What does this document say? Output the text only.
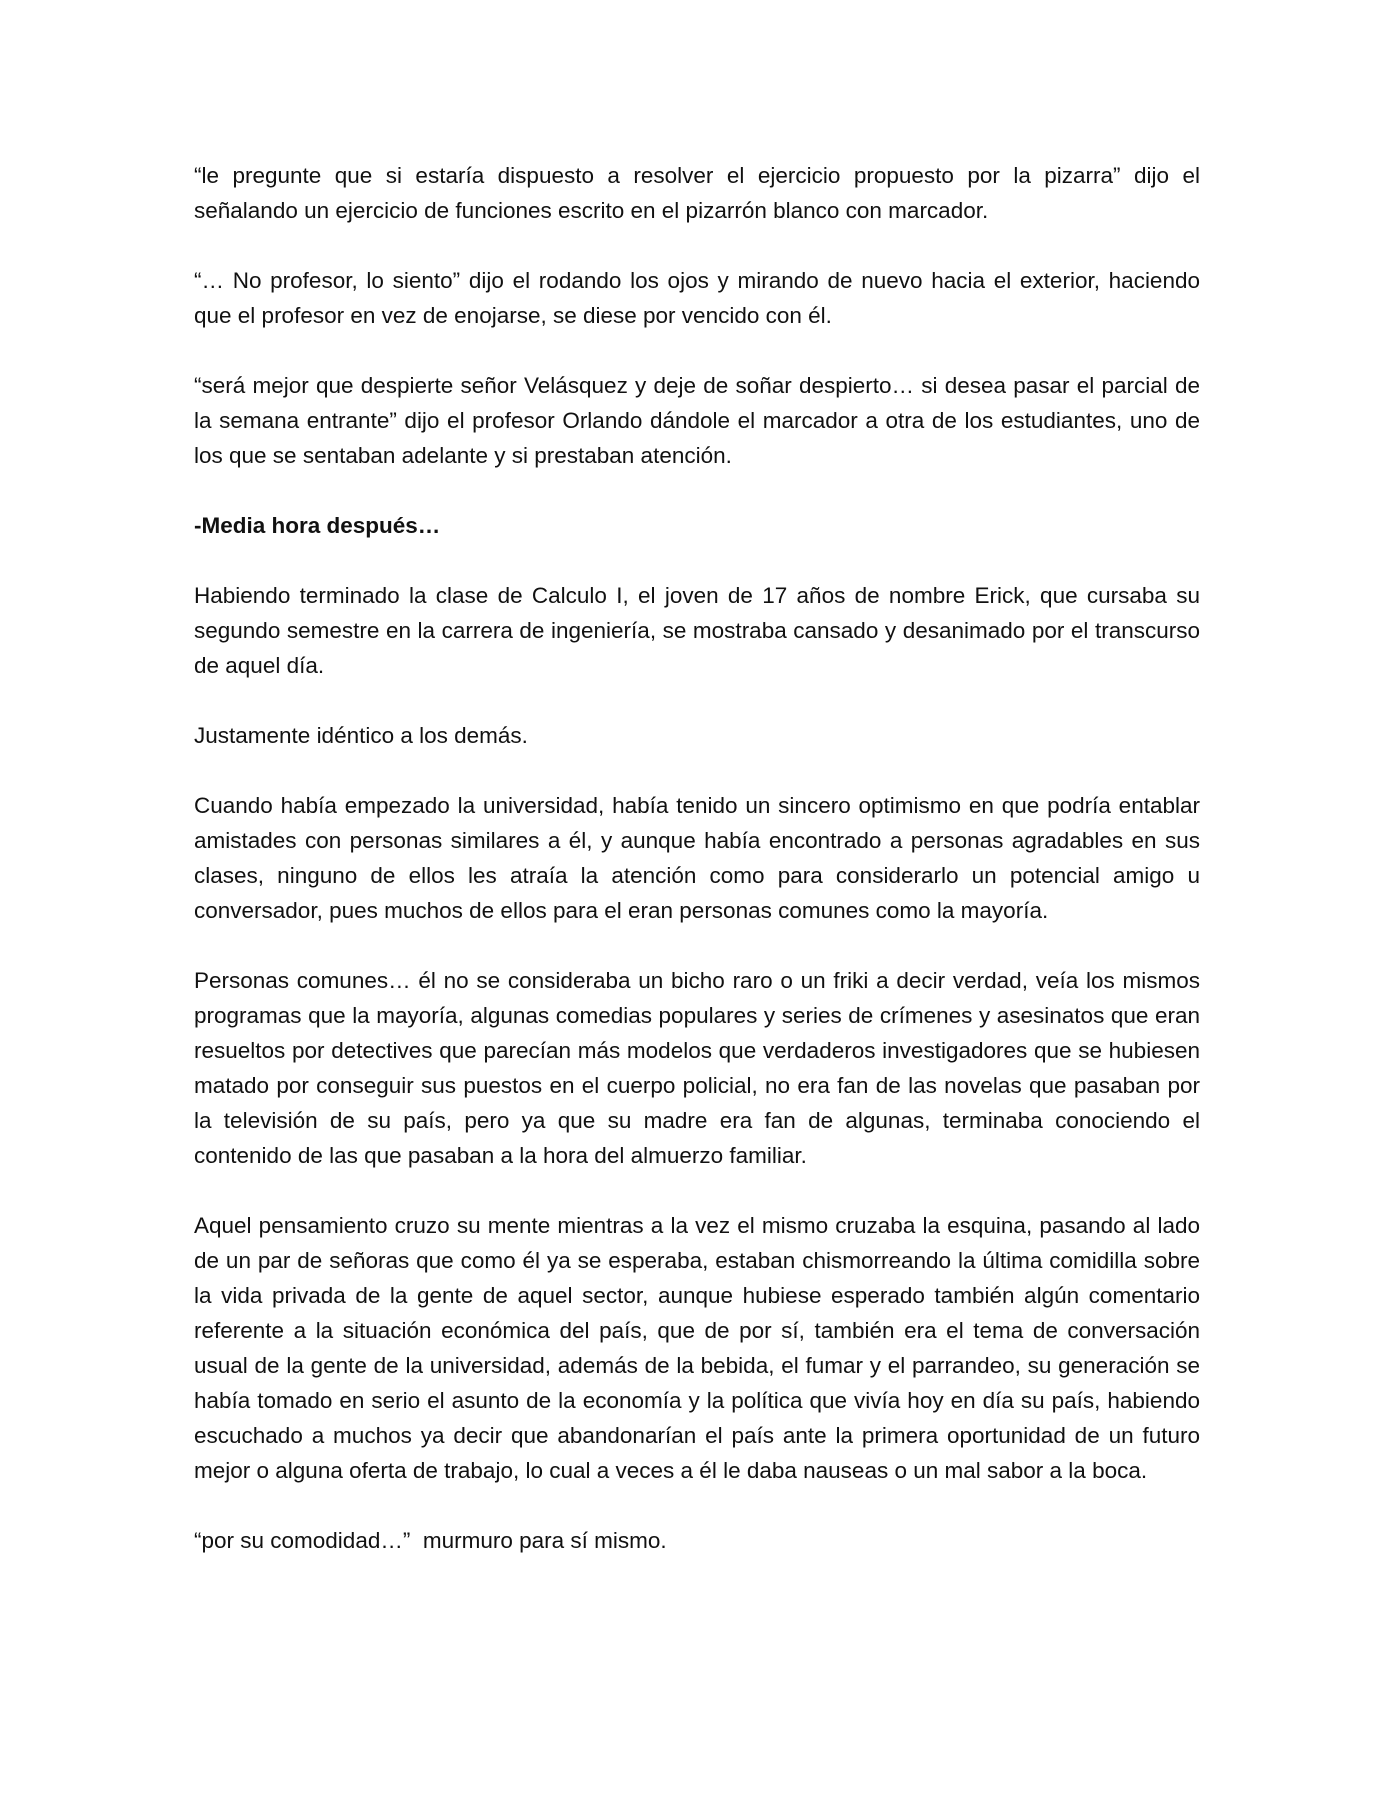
“le pregunte que si estaría dispuesto a resolver el ejercicio propuesto por la pizarra” dijo el señalando un ejercicio de funciones escrito en el pizarrón blanco con marcador.

“… No profesor, lo siento” dijo el rodando los ojos y mirando de nuevo hacia el exterior, haciendo que el profesor en vez de enojarse, se diese por vencido con él.

“será mejor que despierte señor Velásquez y deje de soñar despierto… si desea pasar el parcial de la semana entrante” dijo el profesor Orlando dándole el marcador a otra de los estudiantes, uno de los que se sentaban adelante y si prestaban atención.

-Media hora después…

Habiendo terminado la clase de Calculo I, el joven de 17 años de nombre Erick, que cursaba su segundo semestre en la carrera de ingeniería, se mostraba cansado y desanimado por el transcurso de aquel día.

Justamente idéntico a los demás.

Cuando había empezado la universidad, había tenido un sincero optimismo en que podría entablar amistades con personas similares a él, y aunque había encontrado a personas agradables en sus clases, ninguno de ellos les atraía la atención como para considerarlo un potencial amigo u conversador, pues muchos de ellos para el eran personas comunes como la mayoría.

Personas comunes… él no se consideraba un bicho raro o un friki a decir verdad, veía los mismos programas que la mayoría, algunas comedias populares y series de crímenes y asesinatos que eran resueltos por detectives que parecían más modelos que verdaderos investigadores que se hubiesen matado por conseguir sus puestos en el cuerpo policial, no era fan de las novelas que pasaban por la televisión de su país, pero ya que su madre era fan de algunas, terminaba conociendo el contenido de las que pasaban a la hora del almuerzo familiar.

Aquel pensamiento cruzo su mente mientras a la vez el mismo cruzaba la esquina, pasando al lado de un par de señoras que como él ya se esperaba, estaban chismorreando la última comidilla sobre la vida privada de la gente de aquel sector, aunque hubiese esperado también algún comentario referente a la situación económica del país, que de por sí, también era el tema de conversación usual de la gente de la universidad, además de la bebida, el fumar y el parrandeo, su generación se había tomado en serio el asunto de la economía y la política que vivía hoy en día su país, habiendo escuchado a muchos ya decir que abandonarían el país ante la primera oportunidad de un futuro mejor o alguna oferta de trabajo, lo cual a veces a él le daba nauseas o un mal sabor a la boca.

“por su comodidad…”  murmuro para sí mismo.
